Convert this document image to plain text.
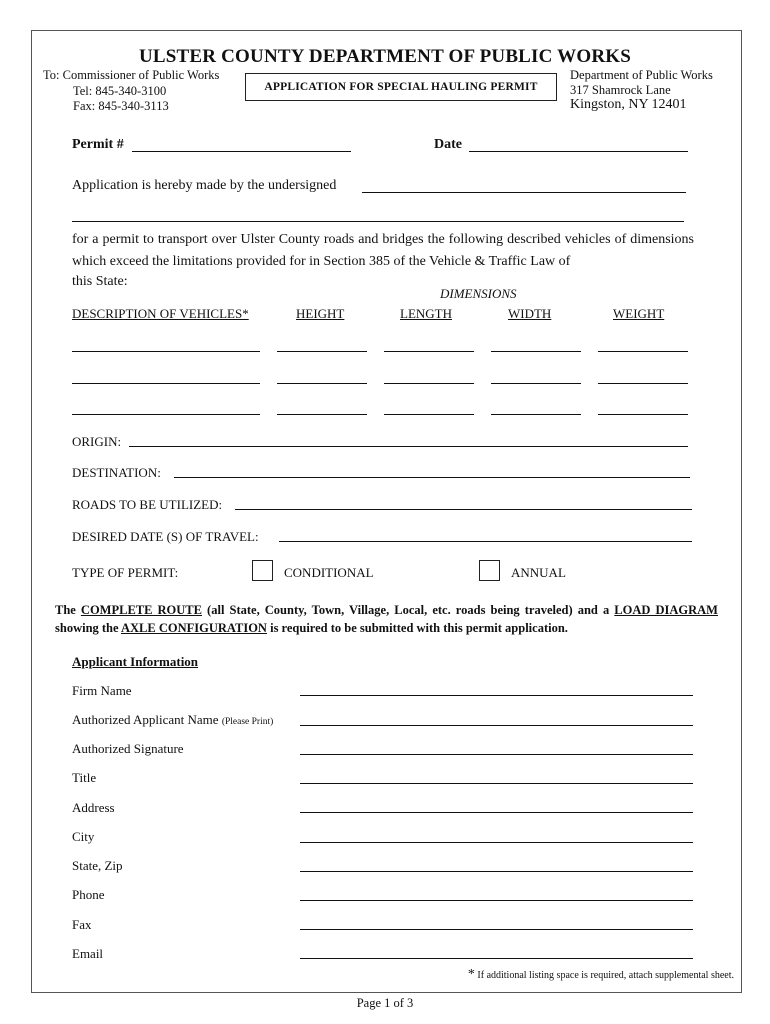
ULSTER COUNTY DEPARTMENT OF PUBLIC WORKS
To: Commissioner of Public Works
Tel: 845-340-3100
Fax: 845-340-3113
APPLICATION FOR SPECIAL HAULING PERMIT
Department of Public Works
317 Shamrock Lane
Kingston, NY 12401
Permit #	Date
Application is hereby made by the undersigned
for a permit to transport over Ulster County roads and bridges the following described vehicles of dimensions which exceed the limitations provided for in Section 385 of the Vehicle & Traffic Law of
this State:
DIMENSIONS
DESCRIPTION OF VEHICLES*	HEIGHT	LENGTH	WIDTH	WEIGHT
ORIGIN:
DESTINATION:
ROADS TO BE UTILIZED:
DESIRED DATE (S) OF TRAVEL:
TYPE OF PERMIT:	CONDITIONAL	ANNUAL
The COMPLETE ROUTE (all State, County, Town, Village, Local, etc. roads being traveled) and a LOAD DIAGRAM showing the AXLE CONFIGURATION is required to be submitted with this permit application.
Applicant Information
Firm Name
Authorized Applicant Name (Please Print)
Authorized Signature
Title
Address
City
State, Zip
Phone
Fax
Email
* If additional listing space is required, attach supplemental sheet.
Page 1 of 3
